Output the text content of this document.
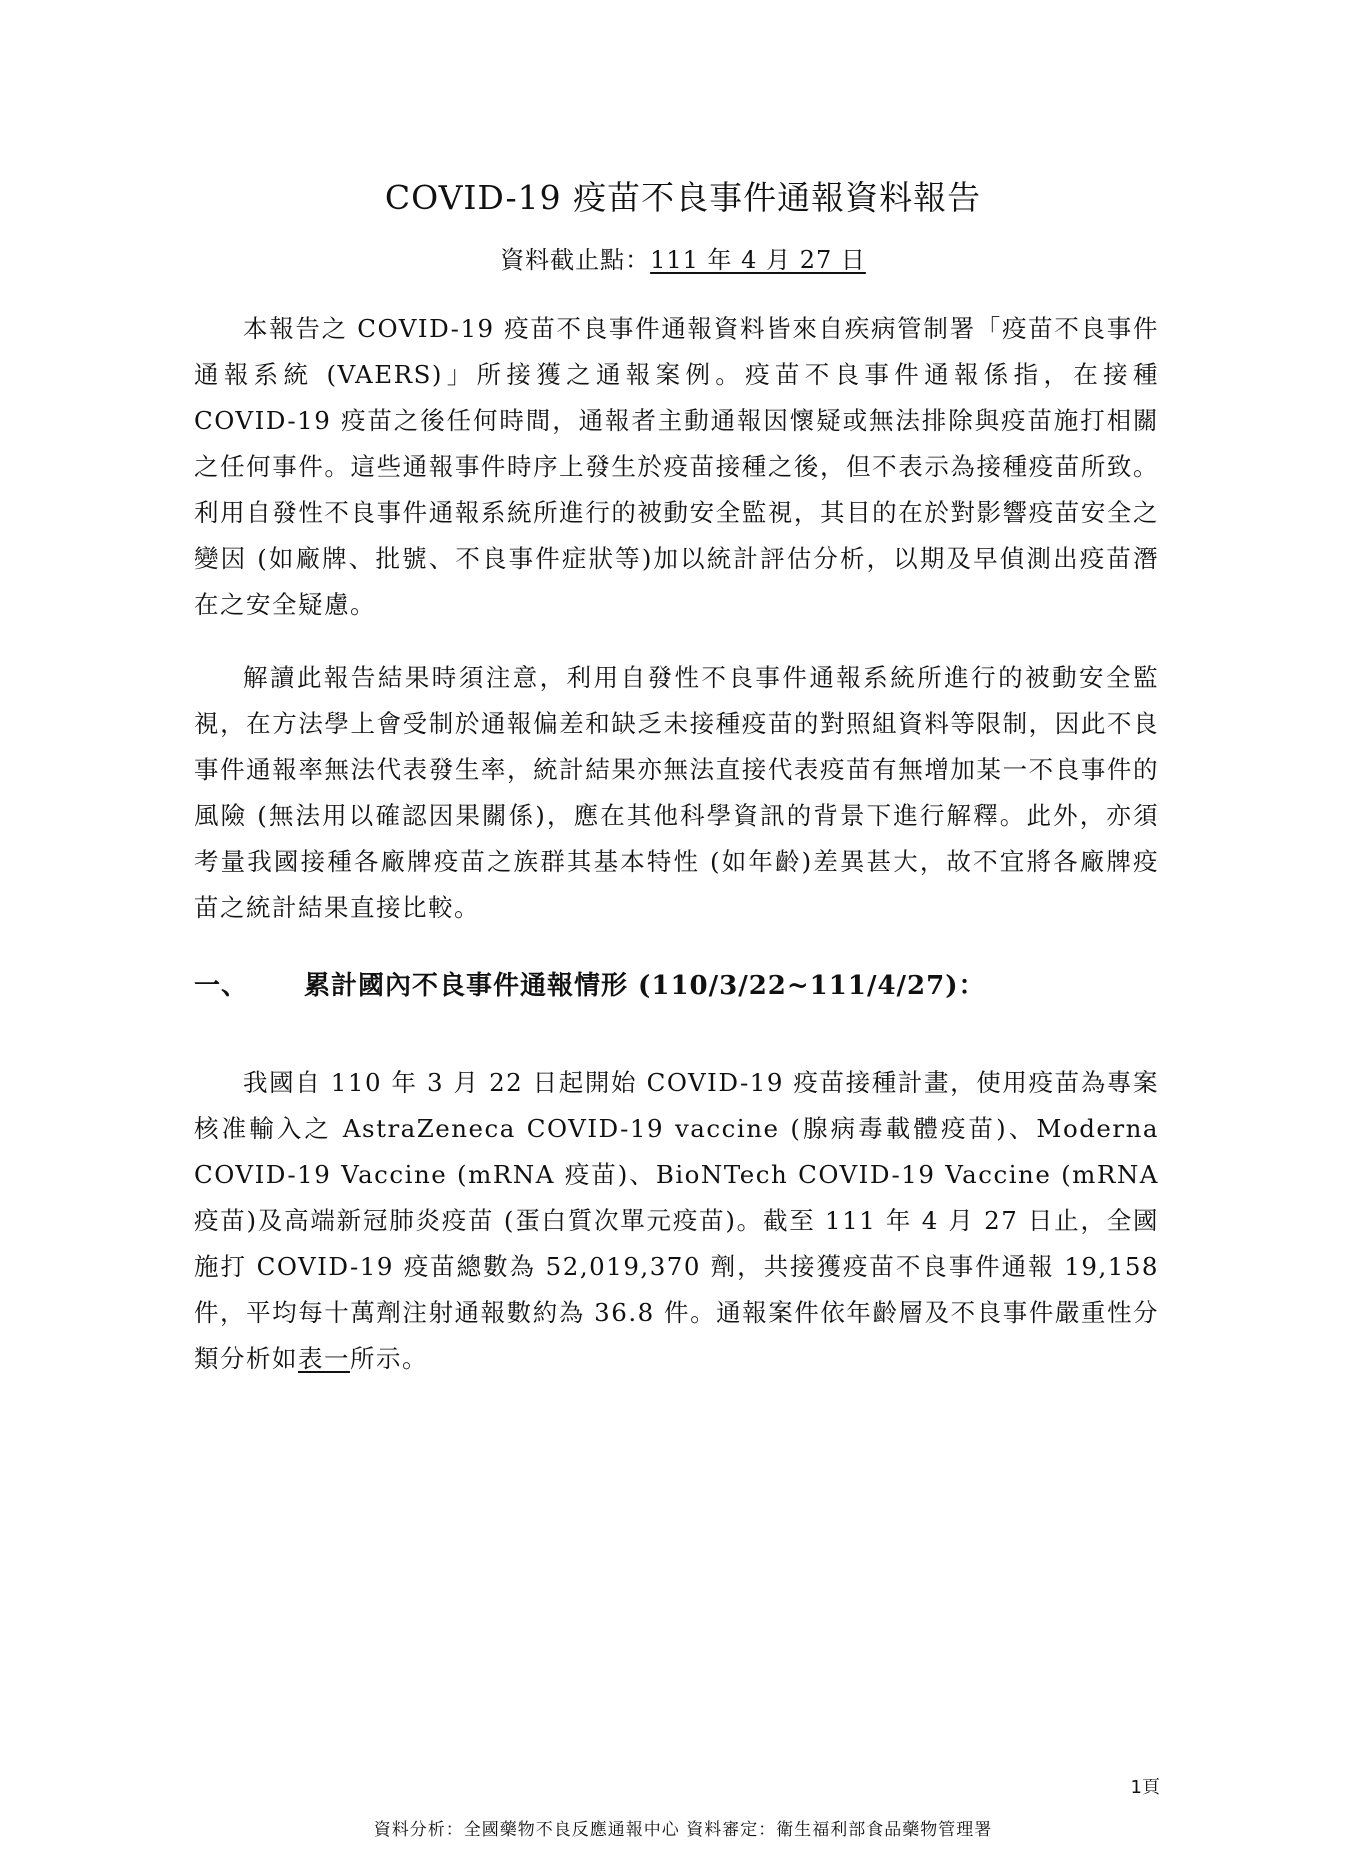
COVID-19 疫苗不良事件通報資料報告
資料截止點：111 年 4 月 27 日

本報告之 COVID-19 疫苗不良事件通報資料皆來自疾病管制署「疫苗不良事件通報系統 (VAERS)」所接獲之通報案例。疫苗不良事件通報係指，在接種 COVID-19 疫苗之後任何時間，通報者主動通報因懷疑或無法排除與疫苗施打相關之任何事件。這些通報事件時序上發生於疫苗接種之後，但不表示為接種疫苗所致。利用自發性不良事件通報系統所進行的被動安全監視，其目的在於對影響疫苗安全之變因 (如廠牌、批號、不良事件症狀等)加以統計評估分析，以期及早偵測出疫苗潛在之安全疑慮。

解讀此報告結果時須注意，利用自發性不良事件通報系統所進行的被動安全監視，在方法學上會受制於通報偏差和缺乏未接種疫苗的對照組資料等限制，因此不良事件通報率無法代表發生率，統計結果亦無法直接代表疫苗有無增加某一不良事件的風險 (無法用以確認因果關係)，應在其他科學資訊的背景下進行解釋。此外，亦須考量我國接種各廠牌疫苗之族群其基本特性 (如年齡)差異甚大，故不宜將各廠牌疫苗之統計結果直接比較。

一、 累計國內不良事件通報情形 (110/3/22~111/4/27)：

我國自 110 年 3 月 22 日起開始 COVID-19 疫苗接種計畫，使用疫苗為專案核准輸入之 AstraZeneca COVID-19 vaccine (腺病毒載體疫苗)、Moderna COVID-19 Vaccine (mRNA 疫苗)、BioNTech COVID-19 Vaccine (mRNA 疫苗)及高端新冠肺炎疫苗 (蛋白質次單元疫苗)。截至 111 年 4 月 27 日止，全國施打 COVID-19 疫苗總數為 52,019,370 劑，共接獲疫苗不良事件通報 19,158 件，平均每十萬劑注射通報數約為 36.8 件。通報案件依年齡層及不良事件嚴重性分類分析如表一所示。

1頁
資料分析：全國藥物不良反應通報中心 資料審定：衛生福利部食品藥物管理署
